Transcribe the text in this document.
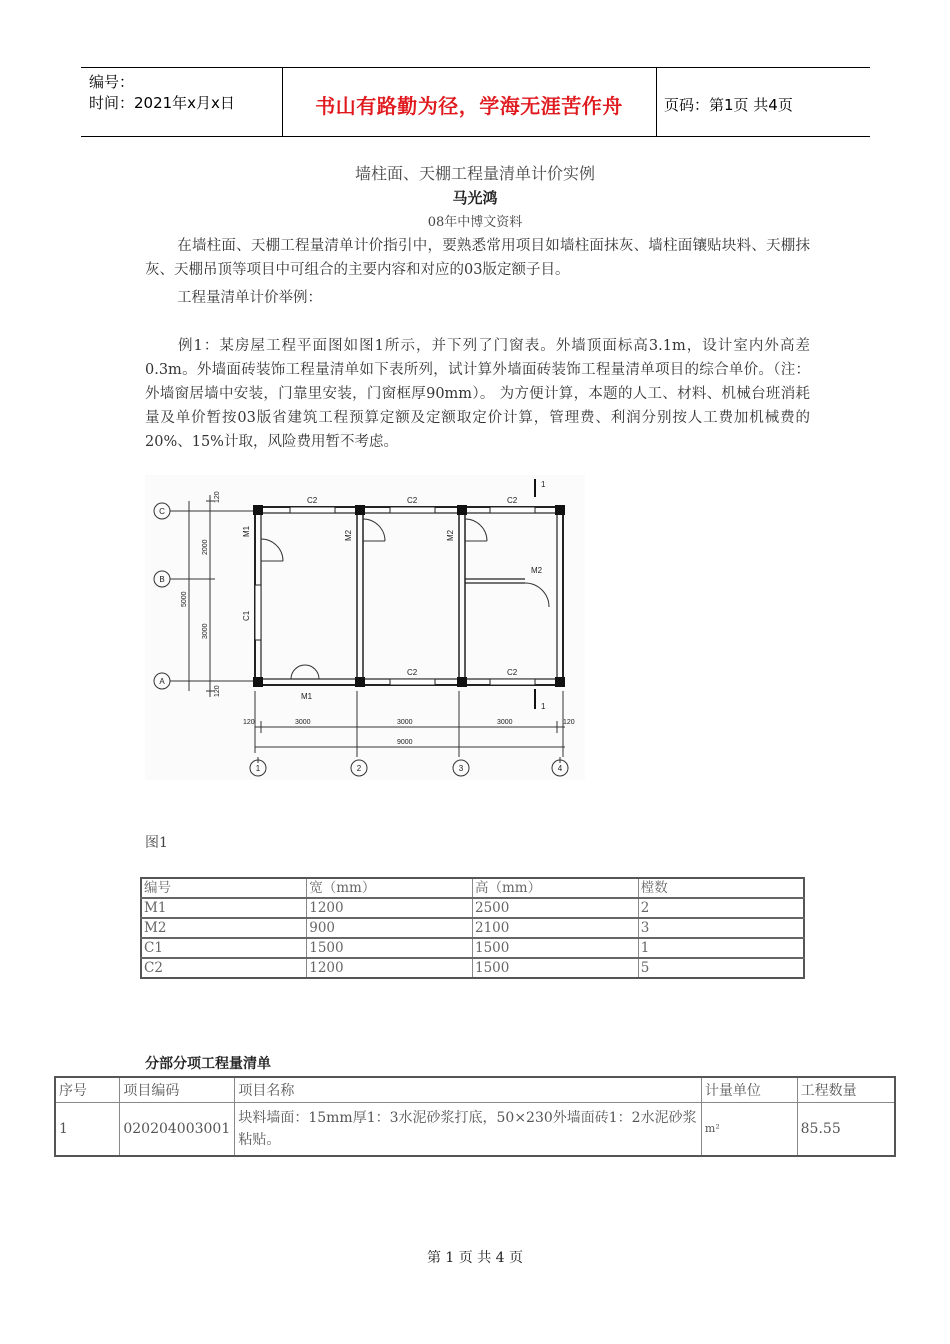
编号：
时间：2021年x月x日	书山有路勤为径，学海无涯苦作舟	页码：第1页 共4页
墙柱面、天棚工程量清单计价实例
马光鸿
08年中博文资料
在墙柱面、天棚工程量清单计价指引中，要熟悉常用项目如墙柱面抹灰、墙柱面镶贴块料、天棚抹灰、天棚吊顶等项目中可组合的主要内容和对应的03版定额子目。
工程量清单计价举例：
例1：某房屋工程平面图如图1所示，并下列了门窗表。外墙顶面标高3.1m，设计室内外高差0.3m。外墙面砖装饰工程量清单如下表所列，试计算外墙面砖装饰工程量清单项目的综合单价。（注：外墙窗居墙中安装，门靠里安装，门窗框厚90mm）。 为方便计算，本题的人工、材料、机械台班消耗量及单价暂按03版省建筑工程预算定额及定额取定价计算，管理费、利润分别按人工费加机械费的20%、15%计取，风险费用暂不考虑。
C
B
A
120
2000
5000
3000
120
C2	C2	C2
C2	C2
C1
M1
M1
M2	M2
M2
1
1
120	3000	3000	3000	120
9000
1	2	3	4
图1
编号	宽（mm）	高（mm）	樘数
M1	1200	2500	2
M2	900	2100	3
C1	1500	1500	1
C2	1200	1500	5
分部分项工程量清单
序号	项目编码	项目名称	计量单位	工程数量
1	020204003001	块料墙面：15mm厚1：3水泥砂浆打底，50×230外墙面砖1：2水泥砂浆粘贴。	m²	85.55
第 1 页 共 4 页
